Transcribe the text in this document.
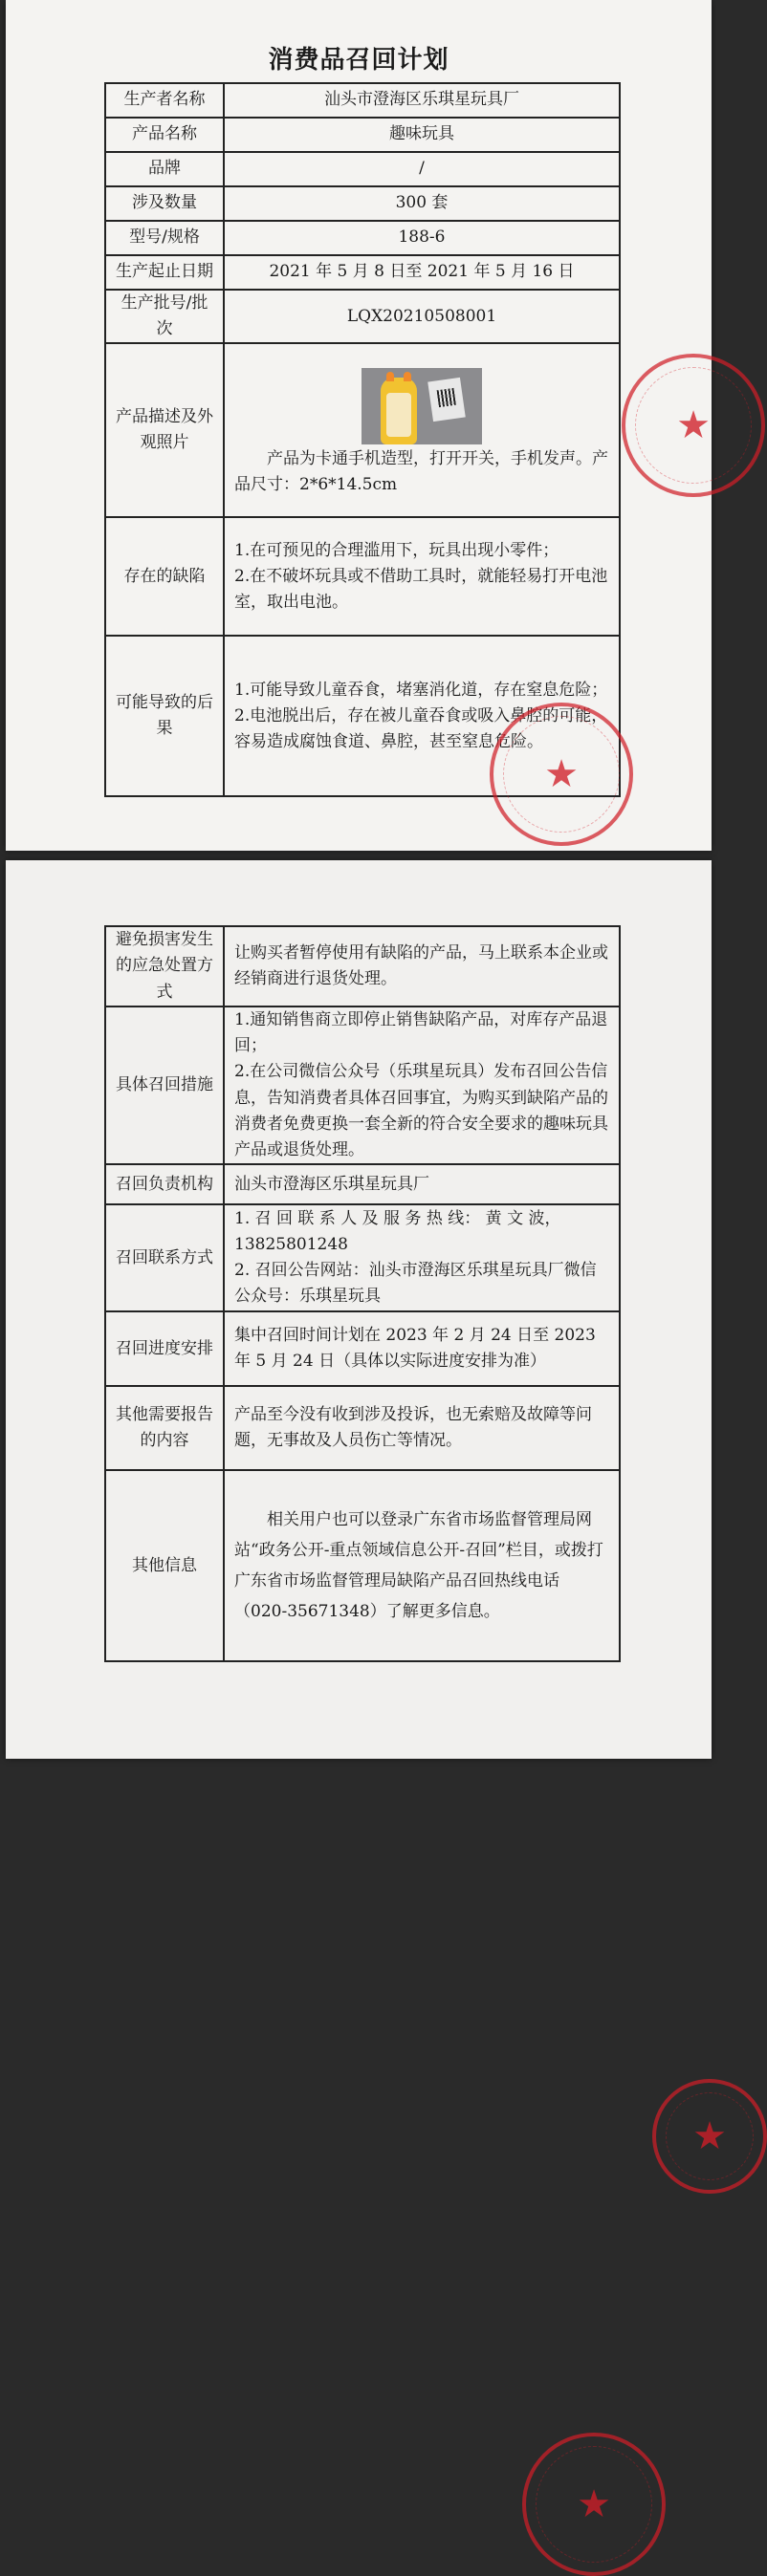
消费品召回计划
生产者名称	汕头市澄海区乐琪星玩具厂
产品名称	趣味玩具
品牌	/
涉及数量	300 套
型号/规格	188-6
生产起止日期	2021 年 5 月 8 日至 2021 年 5 月 16 日
生产批号/批次	LQX20210508001
产品描述及外观照片	产品为卡通手机造型，打开开关，手机发声。产品尺寸：2*6*14.5cm

存在的缺陷	1.在可预见的合理滥用下，玩具出现小零件；
2.在不破坏玩具或不借助工具时，就能轻易打开电池室，取出电池。

可能导致的后果	1.可能导致儿童吞食，堵塞消化道，存在窒息危险；
2.电池脱出后，存在被儿童吞食或吸入鼻腔的可能，容易造成腐蚀食道、鼻腔，甚至窒息危险。
★
★
避免损害发生的应急处置方式	让购买者暂停使用有缺陷的产品，马上联系本企业或经销商进行退货处理。
具体召回措施	1.通知销售商立即停止销售缺陷产品，对库存产品退回；
2.在公司微信公众号（乐琪星玩具）发布召回公告信息，告知消费者具体召回事宜，为购买到缺陷产品的消费者免费更换一套全新的符合安全要求的趣味玩具产品或退货处理。

召回负责机构	汕头市澄海区乐琪星玩具厂
召回联系方式	1. 召 回 联 系 人 及 服 务 热 线： 黄 文 波，13825801248
2. 召回公告网站：汕头市澄海区乐琪星玩具厂微信公众号：乐琪星玩具

召回进度安排	集中召回时间计划在 2023 年 2 月 24 日至 2023 年 5 月 24 日（具体以实际进度安排为准）
其他需要报告的内容	产品至今没有收到涉及投诉，也无索赔及故障等问题，无事故及人员伤亡等情况。
其他信息	相关用户也可以登录广东省市场监督管理局网站“政务公开-重点领域信息公开-召回”栏目，或拨打广东省市场监督管理局缺陷产品召回热线电话（020-35671348）了解更多信息。
★
★
